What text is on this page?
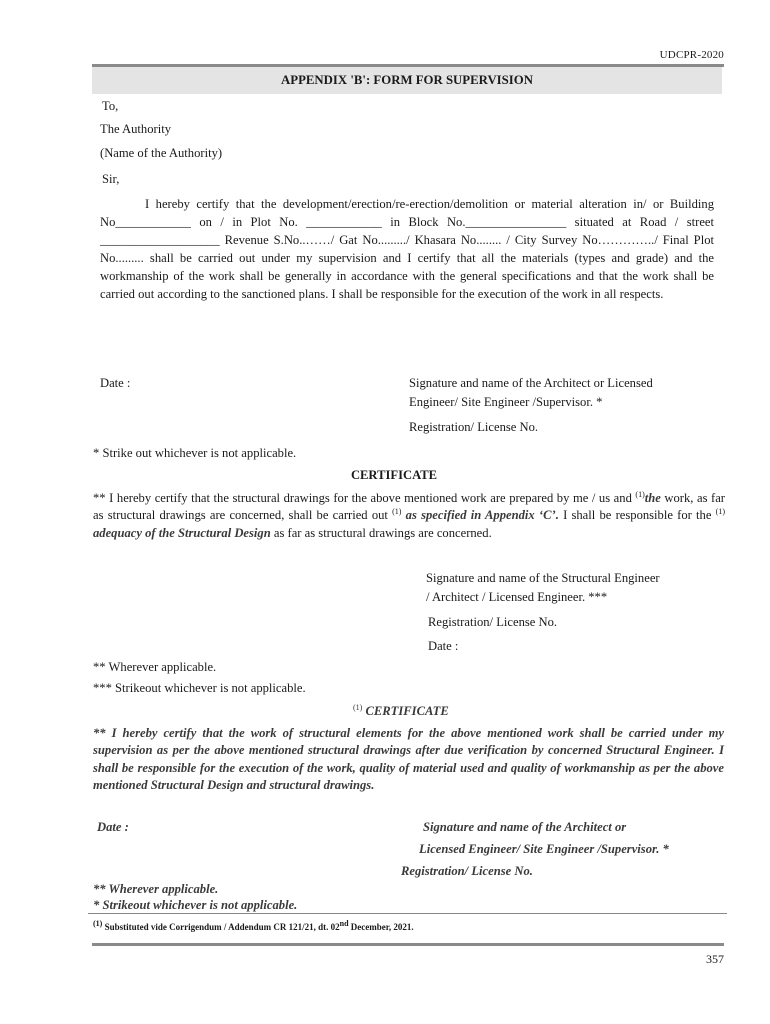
UDCPR-2020
APPENDIX 'B': FORM FOR SUPERVISION
To,
The Authority
(Name of the Authority)
Sir,
I hereby certify that the development/erection/re-erection/demolition or material alteration in/ or Building No____________ on / in Plot No. ____________ in Block No.________________ situated at Road / street ___________________ Revenue S.No..……/ Gat No........./ Khasara No........ / City Survey No…………../ Final Plot No......... shall be carried out under my supervision and I certify that all the materials (types and grade) and the workmanship of the work shall be generally in accordance with the general specifications and that the work shall be carried out according to the sanctioned plans. I shall be responsible for the execution of the work in all respects.
Date :	Signature and name of the Architect or Licensed
Engineer/ Site Engineer /Supervisor. *
Registration/ License No.
* Strike out whichever is not applicable.
CERTIFICATE
** I hereby certify that the structural drawings for the above mentioned work are prepared by me / us and $^{(1)}$the work, as far as structural drawings are concerned, shall be carried out $^{(1)}$ as specified in Appendix ‘C’. I shall be responsible for the $^{(1)}$ adequacy of the Structural Design as far as structural drawings are concerned.
Signature and name of the Structural Engineer
/ Architect / Licensed Engineer. ***
Registration/ License No.
Date :
** Wherever applicable.
*** Strikeout whichever is not applicable.
$^{(1)}$ CERTIFICATE
** I hereby certify that the work of structural elements for the above mentioned work shall be carried under my supervision as per the above mentioned structural drawings after due verification by concerned Structural Engineer. I shall be responsible for the execution of the work, quality of material used and quality of workmanship as per the above mentioned Structural Design and structural drawings.
Date :	Signature and name of the Architect or
Licensed Engineer/ Site Engineer /Supervisor. *
Registration/ License No.
** Wherever applicable.
* Strikeout whichever is not applicable.
(1) Substituted vide Corrigendum / Addendum CR 121/21, dt. 02nd December, 2021.
357
